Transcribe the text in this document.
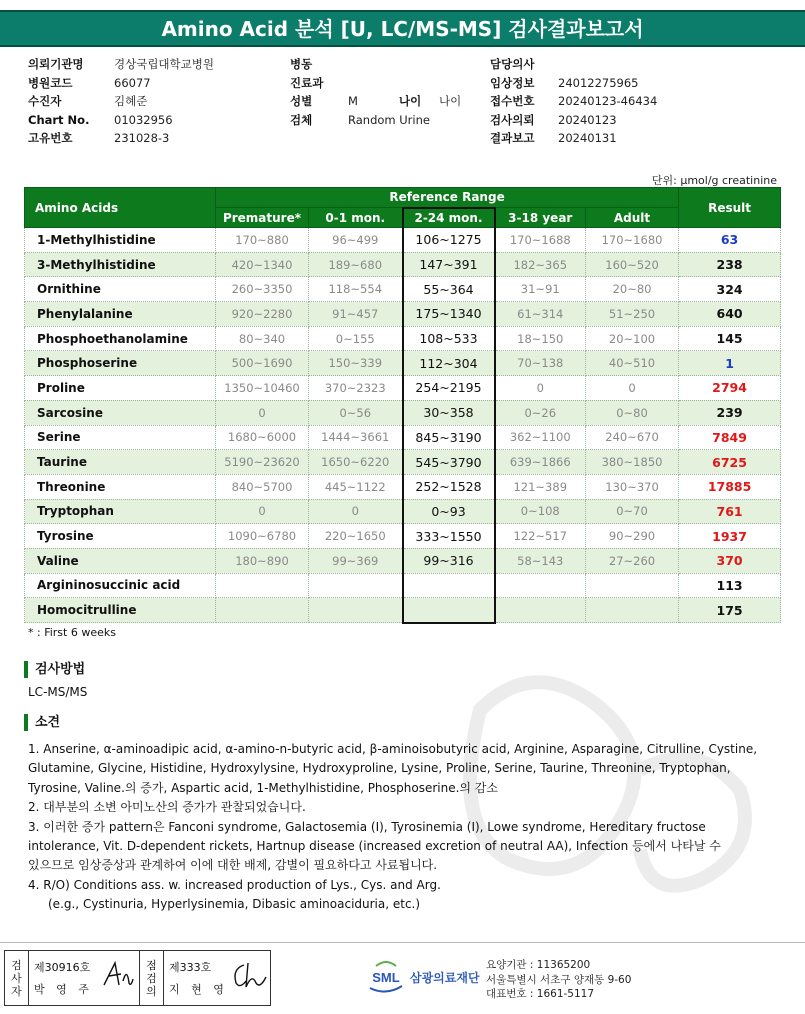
Amino Acid 분석 [U, LC/MS-MS] 검사결과보고서
의뢰기관명	경상국립대학교병원
병원코드	66077
수진자	김혜준
Chart No.	01032956
고유번호	231028-3
병동
진료과
성별	M	나이	나이
검체	Random Urine
담당의사
임상정보	24012275965
접수번호	20240123-46434
검사의뢰	20240123
결과보고	20240131
단위: µmol/g creatinine
Amino Acids	Reference Range					Result
	Premature*	0-1 mon.	2-24 mon.	3-18 year	Adult	
1-Methylhistidine	170~880	96~499	106~1275	170~1688	170~1680	63
3-Methylhistidine	420~1340	189~680	147~391	182~365	160~520	238
Ornithine	260~3350	118~554	55~364	31~91	20~80	324
Phenylalanine	920~2280	91~457	175~1340	61~314	51~250	640
Phosphoethanolamine	80~340	0~155	108~533	18~150	20~100	145
Phosphoserine	500~1690	150~339	112~304	70~138	40~510	1
Proline	1350~10460	370~2323	254~2195	0	0	2794
Sarcosine	0	0~56	30~358	0~26	0~80	239
Serine	1680~6000	1444~3661	845~3190	362~1100	240~670	7849
Taurine	5190~23620	1650~6220	545~3790	639~1866	380~1850	6725
Threonine	840~5700	445~1122	252~1528	121~389	130~370	17885
Tryptophan	0	0	0~93	0~108	0~70	761
Tyrosine	1090~6780	220~1650	333~1550	122~517	90~290	1937
Valine	180~890	99~369	99~316	58~143	27~260	370
Argininosuccinic acid						113
Homocitrulline						175
* : First 6 weeks
검사방법
LC-MS/MS
소견
1. Anserine, α-aminoadipic acid, α-amino-n-butyric acid, β-aminoisobutyric acid, Arginine, Asparagine, Citrulline, Cystine,
Glutamine, Glycine, Histidine, Hydroxylysine, Hydroxyproline, Lysine, Proline, Serine, Taurine, Threonine, Tryptophan,
Tyrosine, Valine.의 증가, Aspartic acid, 1-Methylhistidine, Phosphoserine.의 감소
2. 대부분의 소변 아미노산의 증가가 관찰되었습니다.
3. 이러한 증가 pattern은 Fanconi syndrome, Galactosemia (I), Tyrosinemia (I), Lowe syndrome, Hereditary fructose
intolerance, Vit. D-dependent rickets, Hartnup disease (increased excretion of neutral AA), Infection 등에서 나타날 수
있으므로 임상증상과 관계하여 이에 대한 배제, 감별이 필요하다고 사료됩니다.
4. R/O) Conditions ass. w. increased production of Lys., Cys. and Arg.
(e.g., Cystinuria, Hyperlysinemia, Dibasic aminoaciduria, etc.)
검
사
자
제30916호
박 영 주
점
검
의
제333호
지 현 영
SML 삼광의료재단
요양기관 : 11365200
서울특별시 서초구 양재동 9-60
대표번호 : 1661-5117
